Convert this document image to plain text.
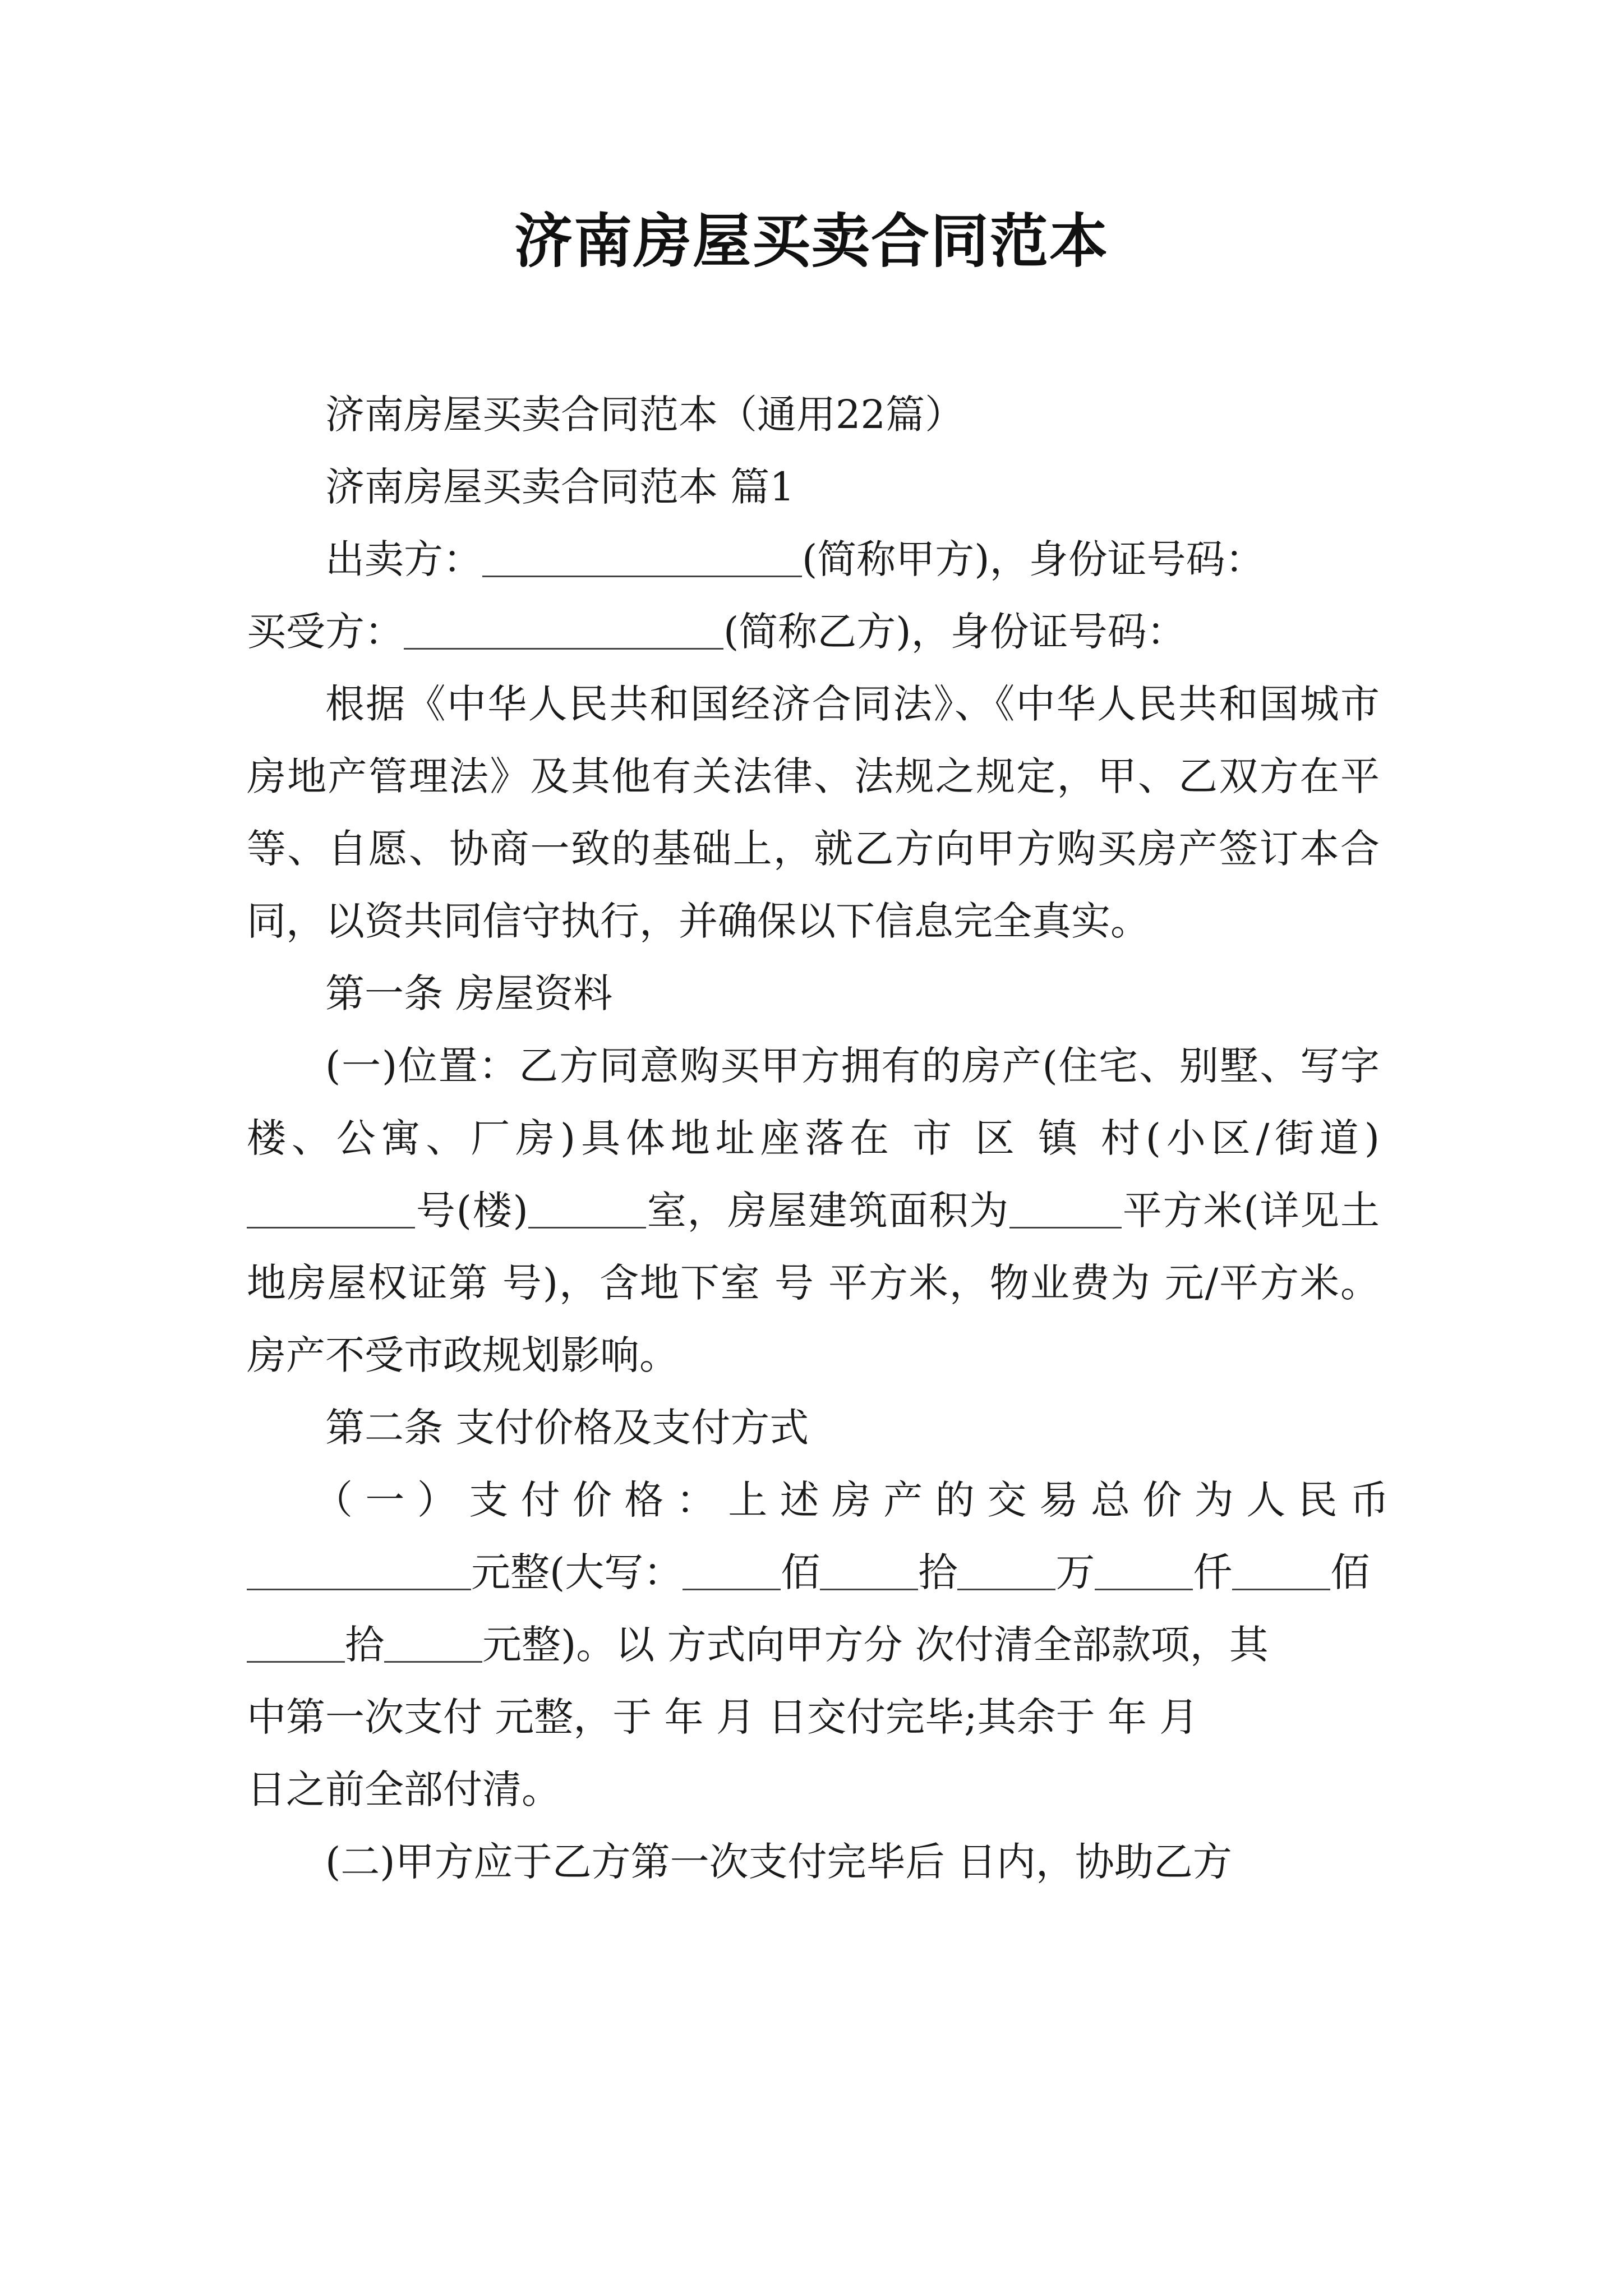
济南房屋买卖合同范本

济南房屋买卖合同范本（通用22篇）

济南房屋买卖合同范本 篇1

出卖方：	(简称甲方)，身份证号码：

买受方：	(简称乙方)，身份证号码：

根据《中华人民共和国经济合同法》、《中华人民共和国城市房地产管理法》及其他有关法律、法规之规定，甲、乙双方在平等、自愿、协商一致的基础上，就乙方向甲方购买房产签订本合同，以资共同信守执行，并确保以下信息完全真实。

第一条 房屋资料

(一)位置：乙方同意购买甲方拥有的房产(住宅、别墅、写字楼、公寓、厂房)具体地址座落在 市 区 镇 村(小区/街道)号(楼)	室，房屋建筑面积为	平方米(详见土地房屋权证第 号)，含地下室 号 平方米，物业费为 元/平方米。房产不受市政规划影响。

第二条 支付价格及支付方式

（一）支付价格：上述房产的交易总价为人民币

元整(大写：	佰	拾	万	仟	佰

拾	元整)。以 方式向甲方分 次付清全部款项，其

中第一次支付 元整，于 年 月 日交付完毕;其余于 年 月

日之前全部付清。

(二)甲方应于乙方第一次支付完毕后 日内，协助乙方
